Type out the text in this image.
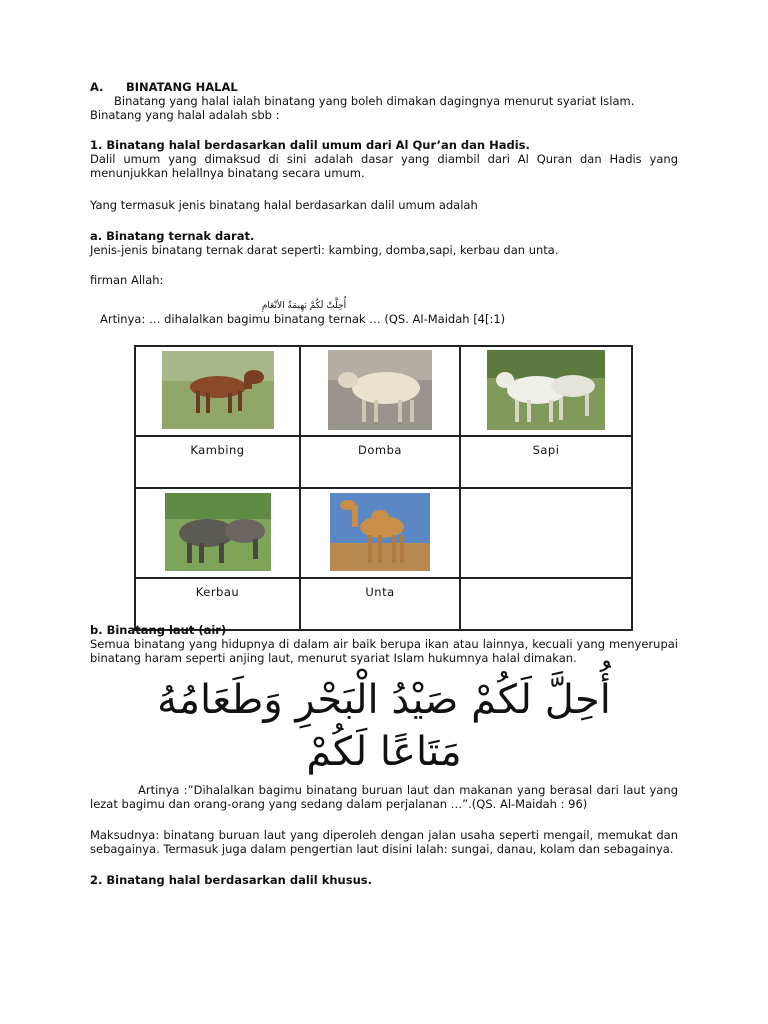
A. BINATANG HALAL

Binatang yang halal ialah binatang yang boleh dimakan dagingnya menurut syariat Islam.

Binatang yang halal adalah sbb :

1. Binatang halal berdasarkan dalil umum dari Al Qur’an dan Hadis.

Dalil umum yang dimaksud di sini adalah dasar yang diambil dari Al Quran dan Hadis yang menunjukkan helallnya binatang secara umum.

Yang termasuk jenis binatang halal berdasarkan dalil umum adalah

a. Binatang ternak darat.

Jenis-jenis binatang ternak darat seperti: kambing, domba,sapi, kerbau dan unta.

firman Allah:

أُحِلَّتْ لَكُمْ بَهِيمَةُ الأنْعَامِ

Artinya: … dihalalkan bagimu binatang ternak … (QS. Al-Maidah [4[:1)

Kambing	Domba	Sapi

Kerbau	Unta	

b. Binatang laut (air)

Semua binatang yang hidupnya di dalam air baik berupa ikan atau lainnya, kecuali yang menyerupai binatang haram seperti anjing laut, menurut syariat Islam hukumnya halal dimakan.

أُحِلَّ لَكُمْ صَيْدُ الْبَحْرِ وَطَعَامُهُ

مَتَاعًا لَكُمْ

Artinya :”Dihalalkan bagimu binatang buruan laut dan makanan yang berasal dari laut yang lezat bagimu dan orang-orang yang sedang dalam perjalanan …”.(QS. Al-Maidah : 96)

Maksudnya: binatang buruan laut yang diperoleh dengan jalan usaha seperti mengail, memukat dan sebagainya. Termasuk juga dalam pengertian laut disini Ialah: sungai, danau, kolam dan sebagainya.

2. Binatang halal berdasarkan dalil khusus.
